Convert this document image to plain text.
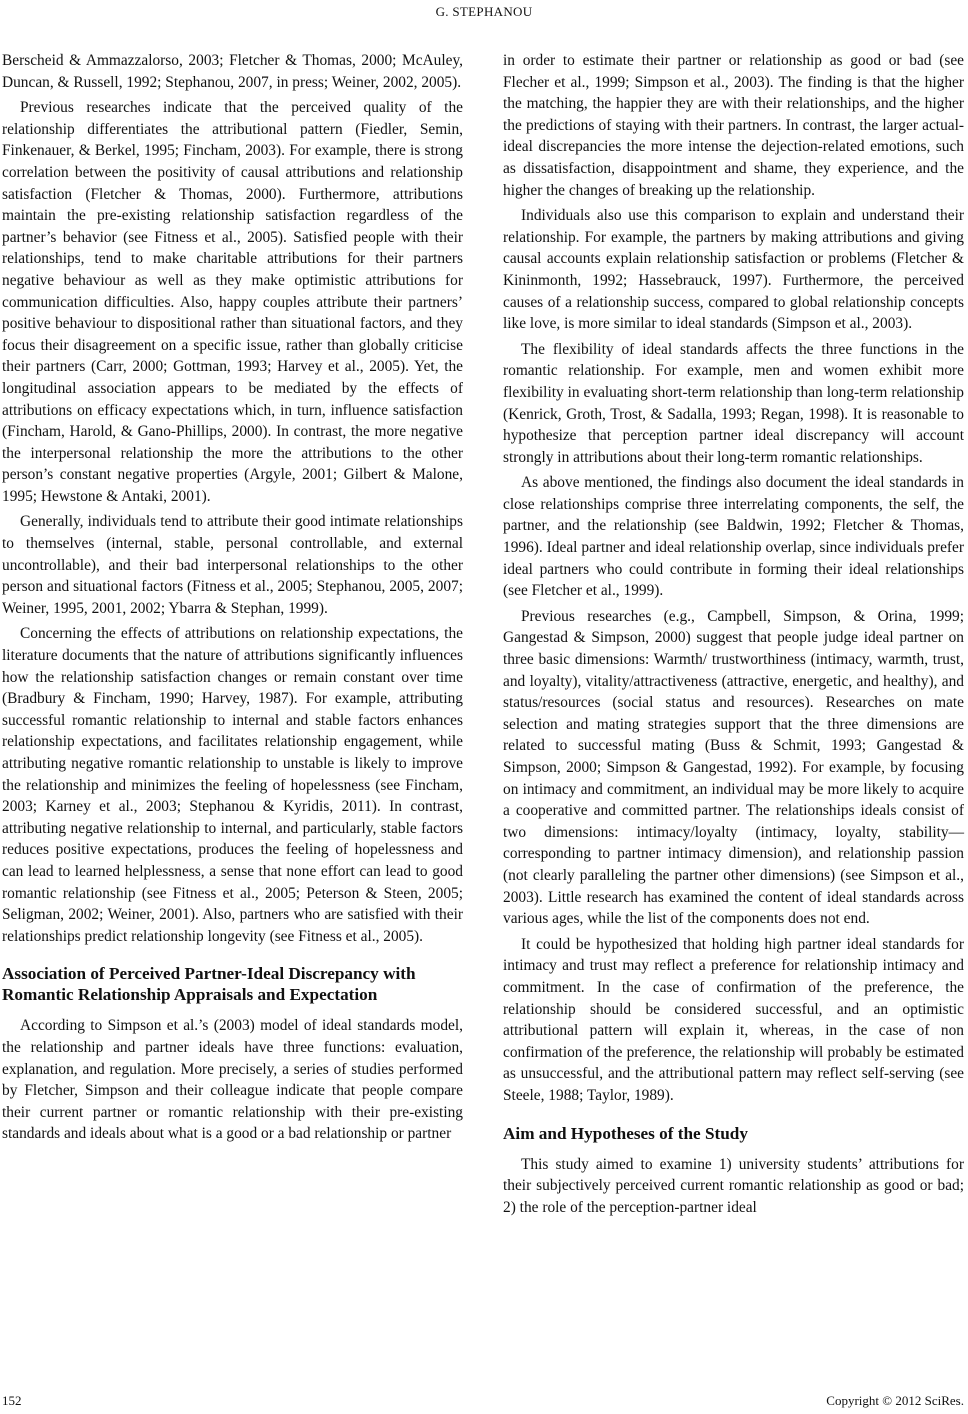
G. STEPHANOU

Berscheid & Ammazzalorso, 2003; Fletcher & Thomas, 2000; McAuley, Duncan, & Russell, 1992; Stephanou, 2007, in press; Weiner, 2002, 2005).

Previous researches indicate that the perceived quality of the relationship differentiates the attributional pattern (Fiedler, Semin, Finkenauer, & Berkel, 1995; Fincham, 2003). For example, there is strong correlation between the positivity of causal attributions and relationship satisfaction (Fletcher & Thomas, 2000). Furthermore, attributions maintain the pre-existing relationship satisfaction regardless of the partner’s behavior (see Fitness et al., 2005). Satisfied people with their relationships, tend to make charitable attributions for their partners negative behaviour as well as they make optimistic attributions for communication difficulties. Also, happy couples attribute their partners’ positive behaviour to dispositional rather than situational factors, and they focus their disagreement on a specific issue, rather than globally criticise their partners (Carr, 2000; Gottman, 1993; Harvey et al., 2005). Yet, the longitudinal association appears to be mediated by the effects of attributions on efficacy expectations which, in turn, influence satisfaction (Fincham, Harold, & Gano-Phillips, 2000). In contrast, the more negative the interpersonal relationship the more the attributions to the other person’s constant negative properties (Argyle, 2001; Gilbert & Malone, 1995; Hewstone & Antaki, 2001).

Generally, individuals tend to attribute their good intimate relationships to themselves (internal, stable, personal controllable, and external uncontrollable), and their bad interpersonal relationships to the other person and situational factors (Fitness et al., 2005; Stephanou, 2005, 2007; Weiner, 1995, 2001, 2002; Ybarra & Stephan, 1999).

Concerning the effects of attributions on relationship expectations, the literature documents that the nature of attributions significantly influences how the relationship satisfaction changes or remain constant over time (Bradbury & Fincham, 1990; Harvey, 1987). For example, attributing successful romantic relationship to internal and stable factors enhances relationship expectations, and facilitates relationship engagement, while attributing negative romantic relationship to unstable is likely to improve the relationship and minimizes the feeling of hopelessness (see Fincham, 2003; Karney et al., 2003; Stephanou & Kyridis, 2011). In contrast, attributing negative relationship to internal, and particularly, stable factors reduces positive expectations, produces the feeling of hopelessness and can lead to learned helplessness, a sense that none effort can lead to good romantic relationship (see Fitness et al., 2005; Peterson & Steen, 2005; Seligman, 2002; Weiner, 2001). Also, partners who are satisfied with their relationships predict relationship longevity (see Fitness et al., 2005).

Association of Perceived Partner-Ideal Discrepancy with Romantic Relationship Appraisals and Expectation

According to Simpson et al.’s (2003) model of ideal standards model, the relationship and partner ideals have three functions: evaluation, explanation, and regulation. More precisely, a series of studies performed by Fletcher, Simpson and their colleague indicate that people compare their current partner or romantic relationship with their pre-existing standards and ideals about what is a good or a bad relationship or partner

in order to estimate their partner or relationship as good or bad (see Flecher et al., 1999; Simpson et al., 2003). The finding is that the higher the matching, the happier they are with their relationships, and the higher the predictions of staying with their partners. In contrast, the larger actual-ideal discrepancies the more intense the dejection-related emotions, such as dissatisfaction, disappointment and shame, they experience, and the higher the changes of breaking up the relationship.

Individuals also use this comparison to explain and understand their relationship. For example, the partners by making attributions and giving causal accounts explain relationship satisfaction or problems (Fletcher & Kininmonth, 1992; Hassebrauck, 1997). Furthermore, the perceived causes of a relationship success, compared to global relationship concepts like love, is more similar to ideal standards (Simpson et al., 2003).

The flexibility of ideal standards affects the three functions in the romantic relationship. For example, men and women exhibit more flexibility in evaluating short-term relationship than long-term relationship (Kenrick, Groth, Trost, & Sadalla, 1993; Regan, 1998). It is reasonable to hypothesize that perception partner ideal discrepancy will account strongly in attributions about their long-term romantic relationships.

As above mentioned, the findings also document the ideal standards in close relationships comprise three interrelating components, the self, the partner, and the relationship (see Baldwin, 1992; Fletcher & Thomas, 1996). Ideal partner and ideal relationship overlap, since individuals prefer ideal partners who could contribute in forming their ideal relationships (see Fletcher et al., 1999).

Previous researches (e.g., Campbell, Simpson, & Orina, 1999; Gangestad & Simpson, 2000) suggest that people judge ideal partner on three basic dimensions: Warmth/ trustworthiness (intimacy, warmth, trust, and loyalty), vitality/attractiveness (attractive, energetic, and healthy), and status/resources (social status and resources). Researches on mate selection and mating strategies support that the three dimensions are related to successful mating (Buss & Schmit, 1993; Gangestad & Simpson, 2000; Simpson & Gangestad, 1992). For example, by focusing on intimacy and commitment, an individual may be more likely to acquire a cooperative and committed partner. The relationships ideals consist of two dimensions: intimacy/loyalty (intimacy, loyalty, stability—corresponding to partner intimacy dimension), and relationship passion (not clearly paralleling the partner other dimensions) (see Simpson et al., 2003). Little research has examined the content of ideal standards across various ages, while the list of the components does not end.

It could be hypothesized that holding high partner ideal standards for intimacy and trust may reflect a preference for relationship intimacy and commitment. In the case of confirmation of the preference, the relationship should be considered successful, and an optimistic attributional pattern will explain it, whereas, in the case of non confirmation of the preference, the relationship will probably be estimated as unsuccessful, and the attributional pattern may reflect self-serving (see Steele, 1988; Taylor, 1989).

Aim and Hypotheses of the Study

This study aimed to examine 1) university students’ attributions for their subjectively perceived current romantic relationship as good or bad; 2) the role of the perception-partner ideal

152	Copyright © 2012 SciRes.
